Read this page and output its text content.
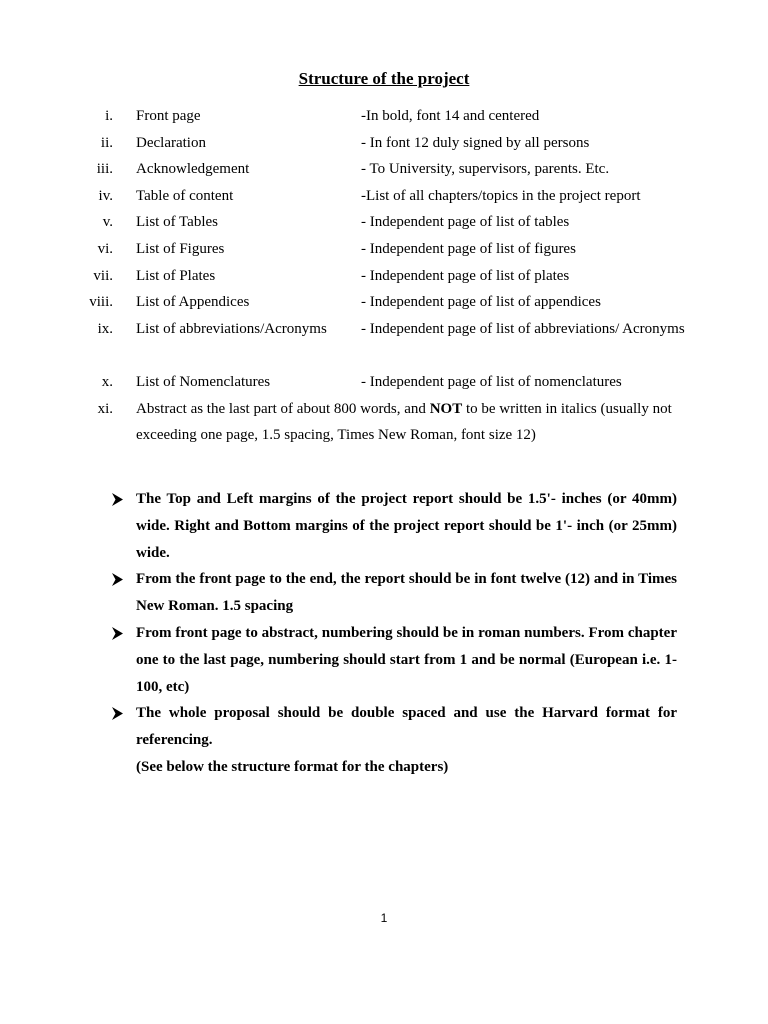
Structure of the project
i. Front page	-In bold, font 14 and centered
ii. Declaration	- In font 12 duly signed by all persons
iii. Acknowledgement	- To University, supervisors, parents. Etc.
iv. Table of content	-List of all chapters/topics in the project report
v. List of Tables	- Independent page of list of tables
vi. List of Figures	- Independent page of list of figures
vii. List of Plates	- Independent page of list of plates
viii. List of Appendices	- Independent page of list of appendices
ix. List of abbreviations/Acronyms	- Independent page of list of abbreviations/ Acronyms
x. List of Nomenclatures	- Independent page of list of nomenclatures
xi. Abstract as the last part of about 800 words, and NOT to be written in italics (usually not exceeding one page, 1.5 spacing, Times New Roman, font size 12)
The Top and Left margins of the project report should be 1.5'- inches (or 40mm) wide. Right and Bottom margins of the project report should be 1'- inch (or 25mm) wide.
From the front page to the end, the report should be in font twelve (12) and in Times New Roman. 1.5 spacing
From front page to abstract, numbering should be in roman numbers. From chapter one to the last page, numbering should start from 1 and be normal (European i.e. 1-100, etc)
The whole proposal should be double spaced and use the Harvard format for referencing.
(See below the structure format for the chapters)
1
